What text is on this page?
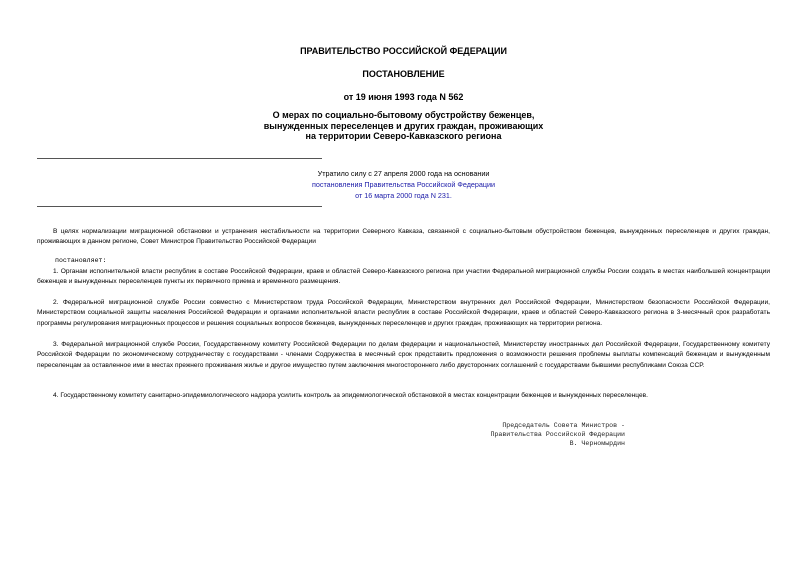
ПРАВИТЕЛЬСТВО РОССИЙСКОЙ ФЕДЕРАЦИИ
ПОСТАНОВЛЕНИЕ
от 19 июня 1993 года N 562
О мерах по социально-бытовому обустройству беженцев,
вынужденных переселенцев и других граждан, проживающих
на территории Северо-Кавказского региона
Утратило силу с 27 апреля 2000 года на основании
постановления Правительства Российской Федерации
от 16 марта 2000 года N 231.
В целях нормализации миграционной обстановки и устранения нестабильности на территории Северного Кавказа, связанной с социально-бытовым обустройством беженцев, вынужденных переселенцев и других граждан, проживающих в данном регионе, Совет Министров Правительство Российской Федерации
постановляет:
1. Органам исполнительной власти республик в составе Российской Федерации, краев и областей Северо-Кавказского региона при участии Федеральной миграционной службы России создать в местах наибольшей концентрации беженцев и вынужденных переселенцев пункты их первичного приема и временного размещения.
2. Федеральной миграционной службе России совместно с Министерством труда Российской Федерации, Министерством внутренних дел Российской Федерации, Министерством безопасности Российской Федерации, Министерством социальной защиты населения Российской Федерации и органами исполнительной власти республик в составе Российской Федерации, краев и областей Северо-Кавказского региона в 3-месячный срок разработать программы регулирования миграционных процессов и решения социальных вопросов беженцев, вынужденных переселенцев и других граждан, проживающих на территории региона.
3. Федеральной миграционной службе России, Государственному комитету Российской Федерации по делам федерации и национальностей, Министерству иностранных дел Российской Федерации, Государственному комитету Российской Федерации по экономическому сотрудничеству с государствами - членами Содружества в месячный срок представить предложения о возможности решения проблемы выплаты компенсаций беженцам и вынужденным переселенцам за оставленное ими в местах прежнего проживания жилье и другое имущество путем заключения многостороннего либо двусторонних соглашений с государствами бывшими республиками Союза ССР.
4. Государственному комитету санитарно-эпидемиологического надзора усилить контроль за эпидемиологической обстановкой в местах концентрации беженцев и вынужденных переселенцев.
Председатель Совета Министров -
Правительства Российской Федерации
В. Черномырдин
